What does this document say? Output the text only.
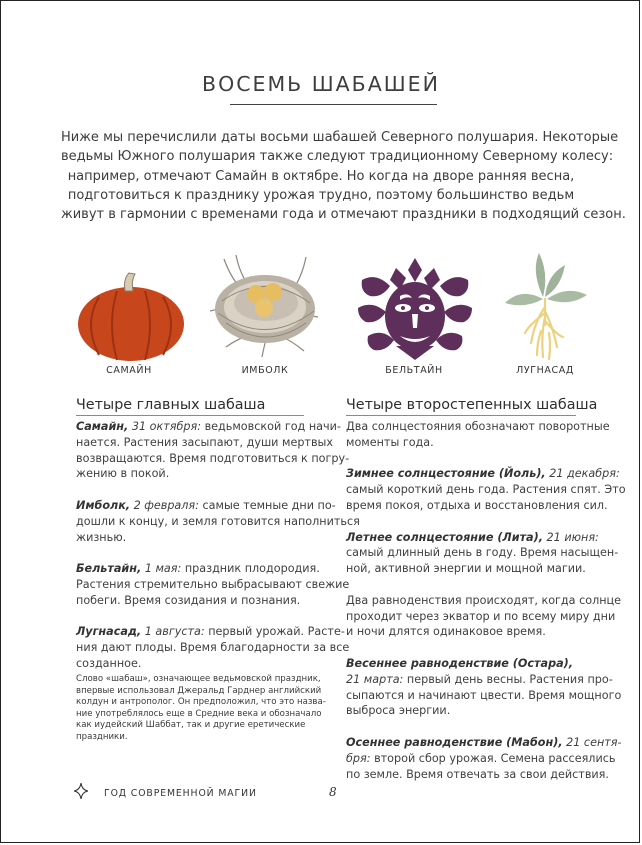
ВОСЕМЬ ШАБАШЕЙ

Ниже мы перечислили даты восьми шабашей Северного полушария. Некоторые

ведьмы Южного полушария также следуют традиционному Северному колесу:

например, отмечают Самайн в октябре. Но когда на дворе ранняя весна,

подготовиться к празднику урожая трудно, поэтому большинство ведьм

живут в гармонии с временами года и отмечают праздники в подходящий сезон.

САМАЙН	ИМБОЛК	БЕЛЬТАЙН	ЛУГНАСАД
Четыре главных шабаша

Самайн, 31 октября: ведьмовской год начи-
нается. Растения засыпают, души мертвых
возвращаются. Время подготовиться к погру-
жению в покой.

Имболк, 2 февраля: самые темные дни по-
дошли к концу, и земля готовится наполниться
жизнью.

Бельтайн, 1 мая: праздник плодородия.
Растения стремительно выбрасывают свежие
побеги. Время созидания и познания.

Лугнасад, 1 августа: первый урожай. Расте-
ния дают плоды. Время благодарности за все
созданное.

Слово «шабаш», означающее ведьмовской праздник,
впервые использовал Джеральд Гарднер английский
колдун и антрополог. Он предположил, что это назва-
ние употреблялось еще в Средние века и обозначало
как иудейский Шаббат, так и другие еретические
праздники.
Четыре второстепенных шабаша

Два солнцестояния обозначают поворотные
моменты года.

Зимнее солнцестояние (Йоль), 21 декабря:
самый короткий день года. Растения спят. Это
время покоя, отдыха и восстановления сил.

Летнее солнцестояние (Лита), 21 июня:
самый длинный день в году. Время насыщен-
ной, активной энергии и мощной магии.

Два равноденствия происходят, когда солнце
проходит через экватор и по всему миру дни
и ночи длятся одинаковое время.

Весеннее равноденствие (Остара),
21 марта: первый день весны. Растения про-
сыпаются и начинают цвести. Время мощного
выброса энергии.

Осеннее равноденствие (Мабон), 21 сентя-
бря: второй сбор урожая. Семена рассеялись
по земле. Время отвечать за свои действия.

ГОД СОВРЕМЕННОЙ МАГИИ	8
